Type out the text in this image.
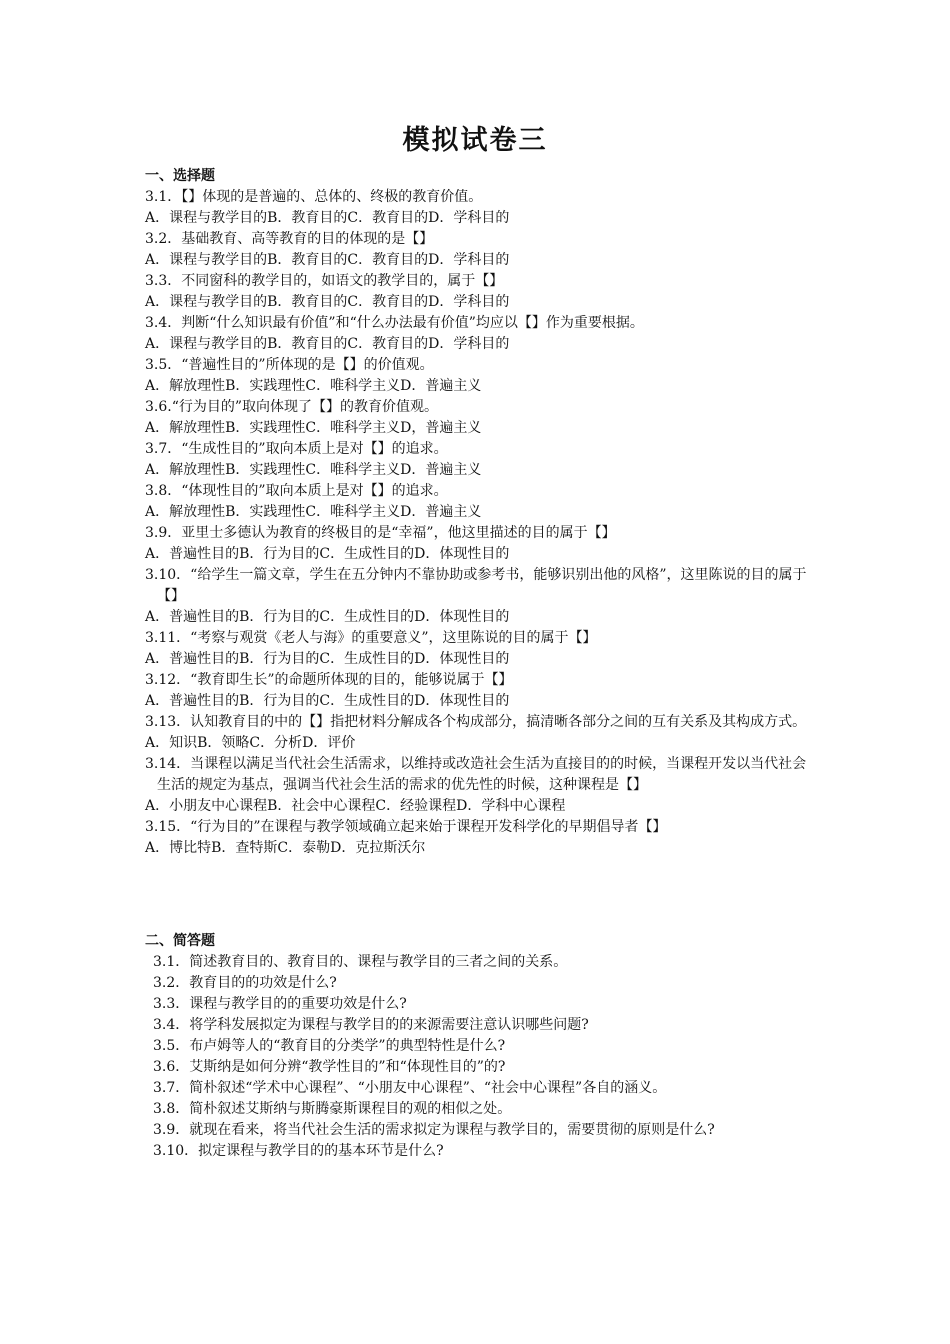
模拟试卷三

一、选择题

3.1．【】体现的是普遍的、总体的、终极的教育价值。

A．课程与教学目的B．教育目的C．教育目的D．学科目的

3.2．基础教育、高等教育的目的体现的是【】

A．课程与教学目的B．教育目的C．教育目的D．学科目的

3.3．不同窗科的教学目的，如语文的教学目的，属于【】

A．课程与教学目的B．教育目的C．教育目的D．学科目的

3.4．判断“什么知识最有价值”和“什么办法最有价值”均应以【】作为重要根据。

A．课程与教学目的B．教育目的C．教育目的D．学科目的

3.5．“普遍性目的”所体现的是【】的价值观。

A．解放理性B．实践理性C．唯科学主义D．普遍主义

3.6.“行为目的”取向体现了【】的教育价值观。

A．解放理性B．实践理性C．唯科学主义D，普遍主义

3.7．“生成性目的”取向本质上是对【】的追求。

A．解放理性B．实践理性C．唯科学主义D．普遍主义

3.8．“体现性目的”取向本质上是对【】的追求。

A．解放理性B．实践理性C．唯科学主义D．普遍主义

3.9．亚里士多德认为教育的终极目的是“幸福”，他这里描述的目的属于【】

A．普遍性目的B．行为目的C．生成性目的D．体现性目的

3.10．“给学生一篇文章，学生在五分钟内不靠协助或参考书，能够识别出他的风格”，这里陈说的目的属于【】

A．普遍性目的B．行为目的C．生成性目的D．体现性目的

3.11．“考察与观赏《老人与海》的重要意义”，这里陈说的目的属于【】

A．普遍性目的B．行为目的C．生成性目的D．体现性目的

3.12．“教育即生长”的命题所体现的目的，能够说属于【】

A．普遍性目的B．行为目的C．生成性目的D．体现性目的

3.13．认知教育目的中的【】指把材料分解成各个构成部分，搞清晰各部分之间的互有关系及其构成方式。

A．知识B．领略C．分析D．评价

3.14．当课程以满足当代社会生活需求，以维持或改造社会生活为直接目的的时候，当课程开发以当代社会生活的规定为基点，强调当代社会生活的需求的优先性的时候，这种课程是【】

A．小朋友中心课程B．社会中心课程C．经验课程D．学科中心课程

3.15．“行为目的”在课程与教学领域确立起来始于课程开发科学化的早期倡导者【】

A．博比特B．查特斯C．泰勒D．克拉斯沃尔

二、简答题

3.1．简述教育目的、教育目的、课程与教学目的三者之间的关系。

3.2．教育目的的功效是什么?

3.3．课程与教学目的的重要功效是什么?

3.4．将学科发展拟定为课程与教学目的的来源需要注意认识哪些问题?

3.5．布卢姆等人的“教育目的分类学”的典型特性是什么?

3.6．艾斯纳是如何分辨“教学性目的”和“体现性目的”的?

3.7．简朴叙述“学术中心课程”、“小朋友中心课程”、“社会中心课程”各自的涵义。

3.8．简朴叙述艾斯纳与斯腾豪斯课程目的观的相似之处。

3.9．就现在看来，将当代社会生活的需求拟定为课程与教学目的，需要贯彻的原则是什么?

3.10．拟定课程与教学目的的基本环节是什么?
